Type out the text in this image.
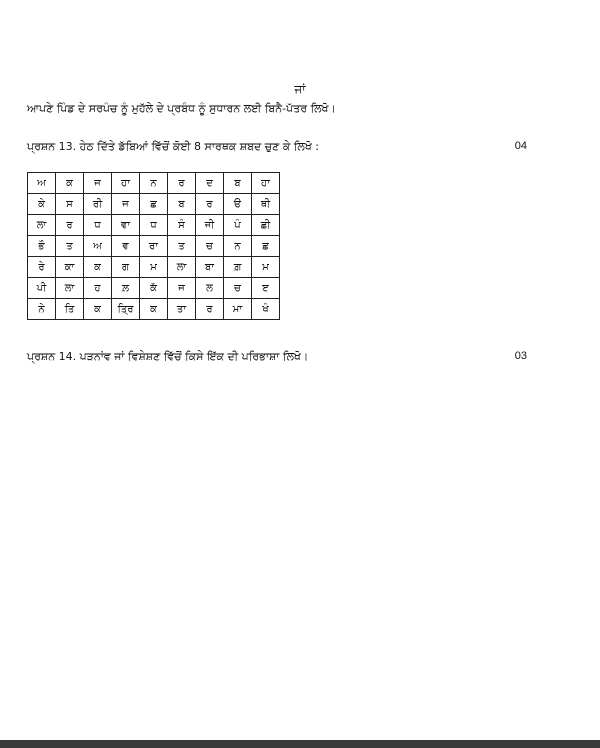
ਜਾਂ
ਆਪਣੇ ਪਿੰਡ ਦੇ ਸਰਪੰਚ ਨੂੰ ਮੁਹੱਲੇ ਦੇ ਪ੍ਰਬੰਧ ਨੂੰ ਸੁਧਾਰਨ ਲਈ ਬਿਨੈ-ਪੱਤਰ ਲਿਖੋ।
ਪ੍ਰਸ਼ਨ 13. ਹੇਠ ਦਿੱਤੇ ਡੱਬਿਆਂ ਵਿੱਚੋਂ ਕੋਈ 8 ਸਾਰਥਕ ਸ਼ਬਦ ਚੁਣ ਕੇ ਲਿਖੋ :	04
ਅ	ਕ	ਜ	ਹਾ	ਨ	ਰ	ਦ	ਬ	ਹਾ
ਕੇ	ਸ	ਰੀ	ਜ	ਛ	ਬ	ਰ	ੳ	ਥੀ
ਲਾ	ਰ	ਧ	ਵਾ	ਧ	ਸੰ	ਜੀ	ਪੰ	ਛੀ
ਭੌ	ਤ	ਅ	ਵ	ਰਾ	ਤ	ਚ	ਨ	ਛ
ਰੇ	ਕਾ	ਕ	ਗ	ਮ	ਲਾ	ਬਾ	ਗ਼	ਮ
ਪੀ	ਲਾ	ਹ	ਲ਼	ਕੱ	ਜ	ਲ	ਚ	ੲ
ਨੇ	ਤਿ	ਕ	ਤ੍ਰਿ	ਕ	ਤਾ	ਰ	ਮਾ	ਖੰ
ਪ੍ਰਸ਼ਨ 14. ਪੜਨਾਂਵ ਜਾਂ ਵਿਸ਼ੇਸ਼ਣ ਵਿੱਚੋਂ ਕਿਸੇ ਇੱਕ ਦੀ ਪਰਿਭਾਸ਼ਾ ਲਿਖੋ।	03
